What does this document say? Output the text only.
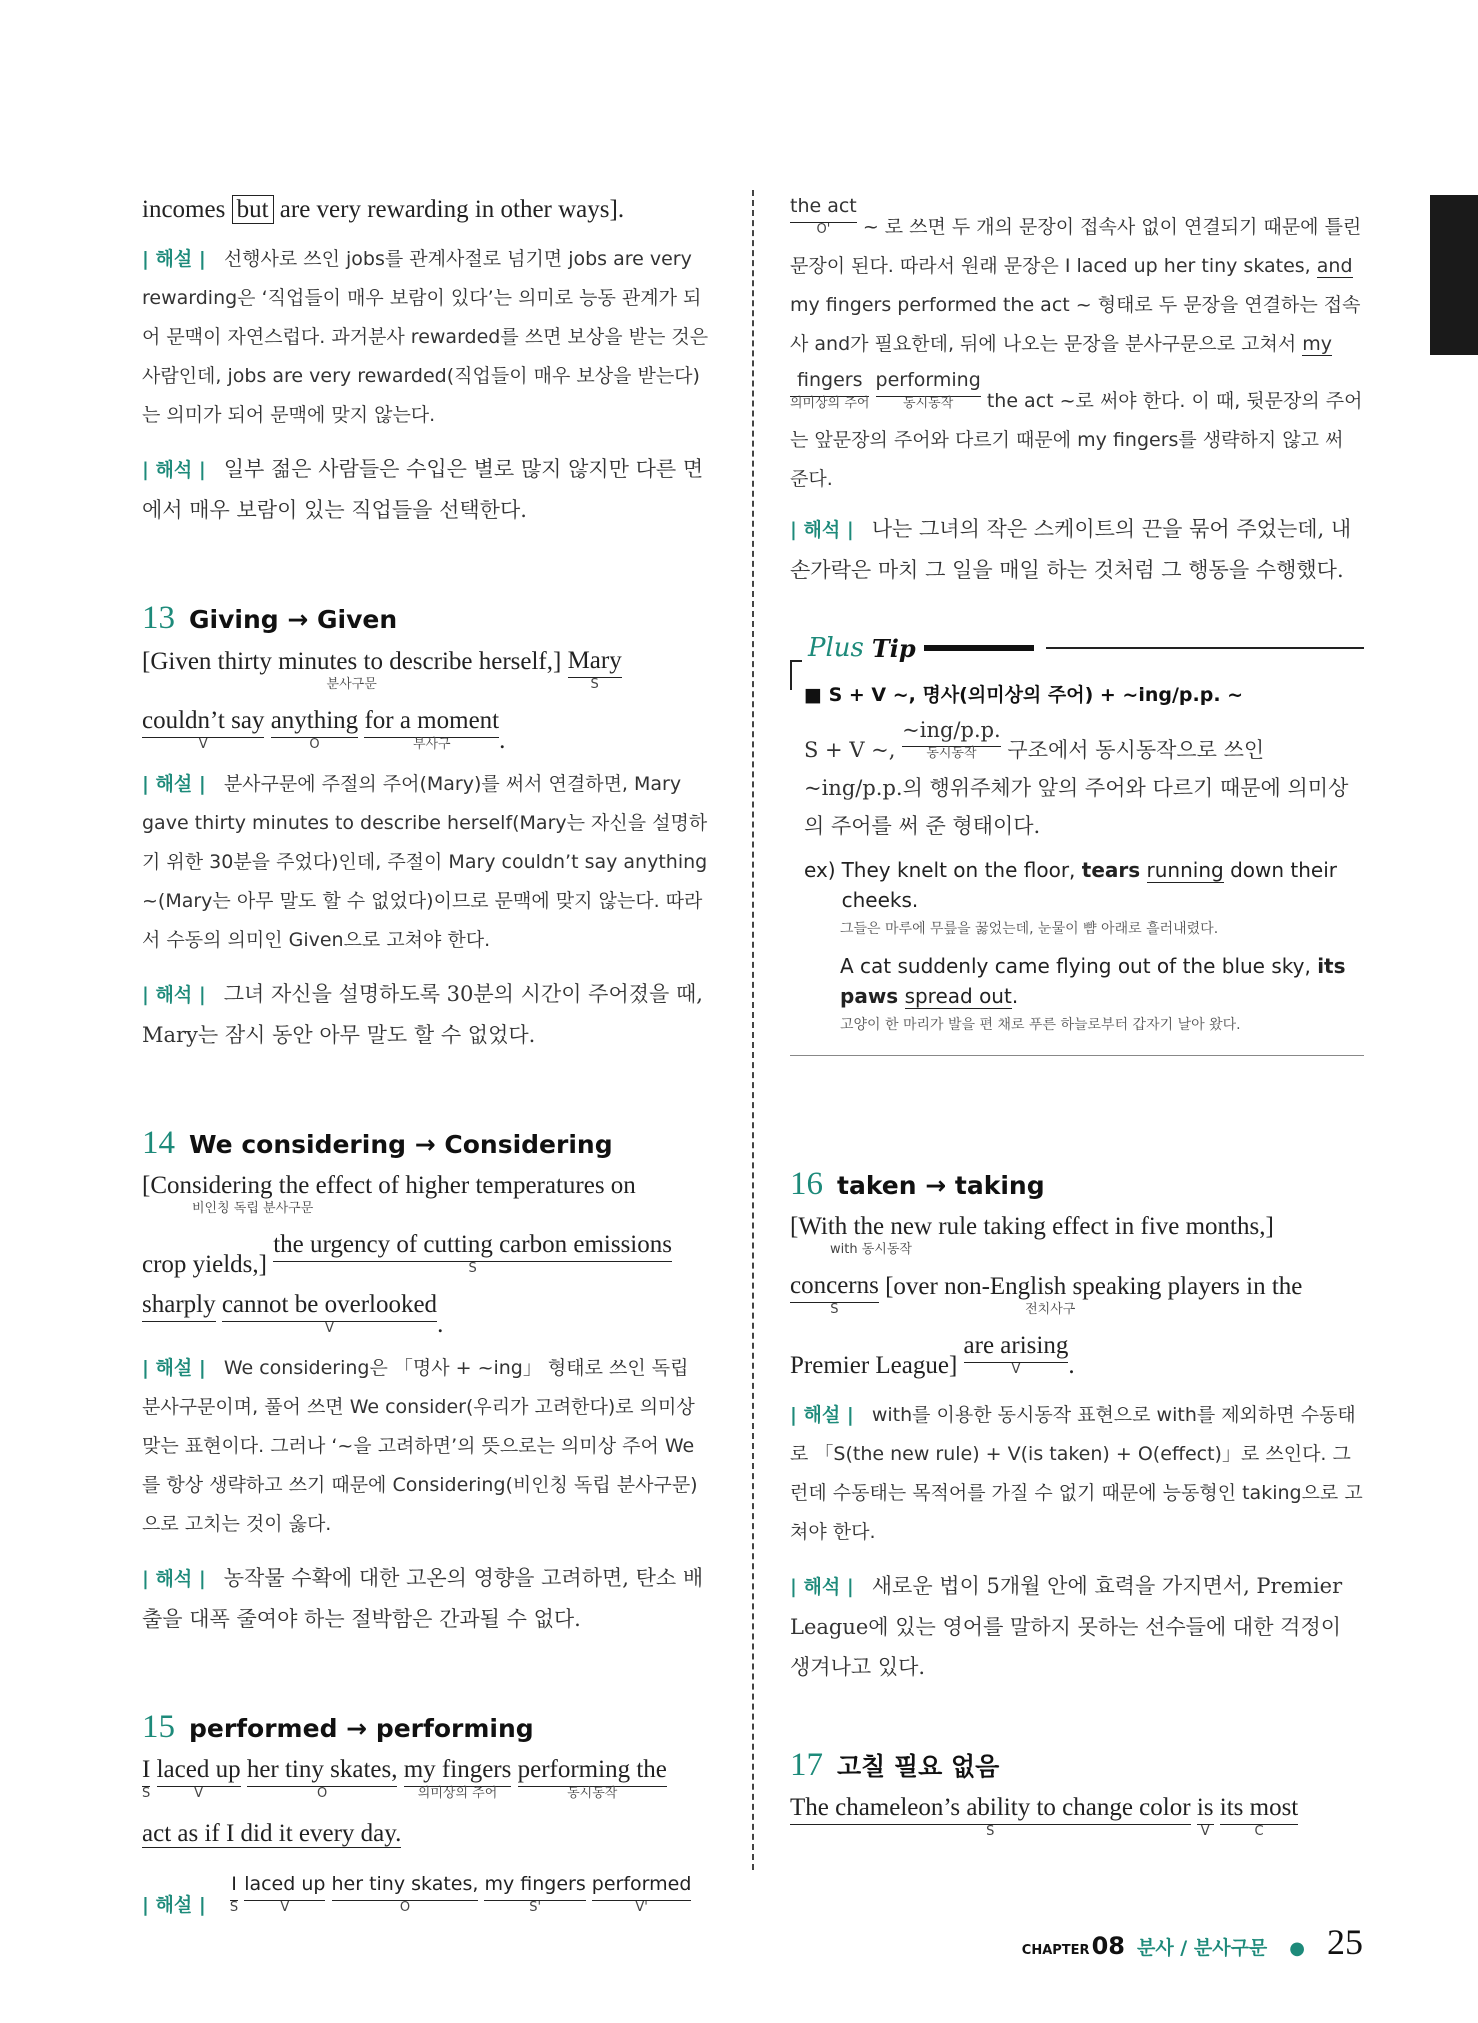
incomes but are very rewarding in other ways].

| 해설 | 선행사로 쓰인 jobs를 관계사절로 넘기면 jobs are very rewarding은 ‘직업들이 매우 보람이 있다’는 의미로 능동 관계가 되어 문맥이 자연스럽다. 과거분사 rewarded를 쓰면 보상을 받는 것은 사람인데, jobs are very rewarded(직업들이 매우 보상을 받는다)는 의미가 되어 문맥에 맞지 않는다.

| 해석 | 일부 젊은 사람들은 수입은 별로 많지 않지만 다른 면에서 매우 보람이 있는 직업들을 선택한다.

13 Giving → Given
[Given thirty minutes to describe herself,]
분사구문

Mary
S
couldn’t say
V

anything
O

for a moment
부사구	.

| 해설 | 분사구문에 주절의 주어(Mary)를 써서 연결하면, Mary gave thirty minutes to describe herself(Mary는 자신을 설명하기 위한 30분을 주었다)인데, 주절이 Mary couldn’t say anything ~(Mary는 아무 말도 할 수 없었다)이므로 문맥에 맞지 않는다. 따라서 수동의 의미인 Given으로 고쳐야 한다.

| 해석 | 그녀 자신을 설명하도록 30분의 시간이 주어졌을 때, Mary는 잠시 동안 아무 말도 할 수 없었다.

14 We considering → Considering
[Considering the effect of higher temperatures on
비인칭 독립 분사구문
crop yields,]
the urgency of cutting carbon emissions
S
sharply

cannot be overlooked
V	.

| 해설 | We considering은 「명사 + ~ing」 형태로 쓰인 독립 분사구문이며, 풀어 쓰면 We consider(우리가 고려한다)로 의미상 맞는 표현이다. 그러나 ‘~을 고려하면’의 뜻으로는 의미상 주어 We를 항상 생략하고 쓰기 때문에 Considering(비인칭 독립 분사구문)으로 고치는 것이 옳다.

| 해석 | 농작물 수확에 대한 고온의 영향을 고려하면, 탄소 배출을 대폭 줄여야 하는 절박함은 간과될 수 없다.

15 performed → performing
I
S

laced up
V

her tiny skates,
O

my fingers
의미상의 주어

performing the
동시동작
act as if I did it every day.
| 해설 |
I
S

laced up
V

her tiny skates,
O

my fingers
S'

performed
V'

the act
O'	~ 로 쓰면 두 개의 문장이 접속사 없이 연결되기 때문에 틀린 문장이 된다. 따라서 원래 문장은 I laced up her tiny skates, and my fingers performed the act ~ 형태로 두 문장을 연결하는 접속사 and가 필요한데, 뒤에 나오는 문장을 분사구문으로 고쳐서 my
fingers
의미상의 주어

performing
동시동작	the act ~로 써야 한다. 이 때, 뒷문장의 주어는 앞문장의 주어와 다르기 때문에 my fingers를 생략하지 않고 써 준다.

| 해석 | 나는 그녀의 작은 스케이트의 끈을 묶어 주었는데, 내 손가락은 마치 그 일을 매일 하는 것처럼 그 행동을 수행했다.

Plus Tip
■ S + V ~, 명사(의미상의 주어) + ~ing/p.p. ~

S + V ~,
~ing/p.p.
동시동작	구조에서 동시동작으로 쓰인 ~ing/p.p.의 행위주체가 앞의 주어와 다르기 때문에 의미상의 주어를 써 준 형태이다.

ex) They knelt on the floor, tears running down their cheeks.
그들은 마루에 무릎을 꿇었는데, 눈물이 뺨 아래로 흘러내렸다.
A cat suddenly came flying out of the blue sky, its paws spread out.
고양이 한 마리가 발을 편 채로 푸른 하늘로부터 갑자기 날아 왔다.
16 taken → taking
[With the new rule taking effect in five months,]
with 동시동작
concerns
S

[over non-English speaking players in the
전치사구
Premier League]
are arising
V	.

| 해설 | with를 이용한 동시동작 표현으로 with를 제외하면 수동태로 「S(the new rule) + V(is taken) + O(effect)」로 쓰인다. 그런데 수동태는 목적어를 가질 수 없기 때문에 능동형인 taking으로 고쳐야 한다.

| 해석 | 새로운 법이 5개월 안에 효력을 가지면서, Premier League에 있는 영어를 말하지 못하는 선수들에 대한 걱정이 생겨나고 있다.

17 고칠 필요 없음
The chameleon’s ability to change color
S

is
V

its most
C
CHAPTER 08 분사 / 분사구문 ● 25
